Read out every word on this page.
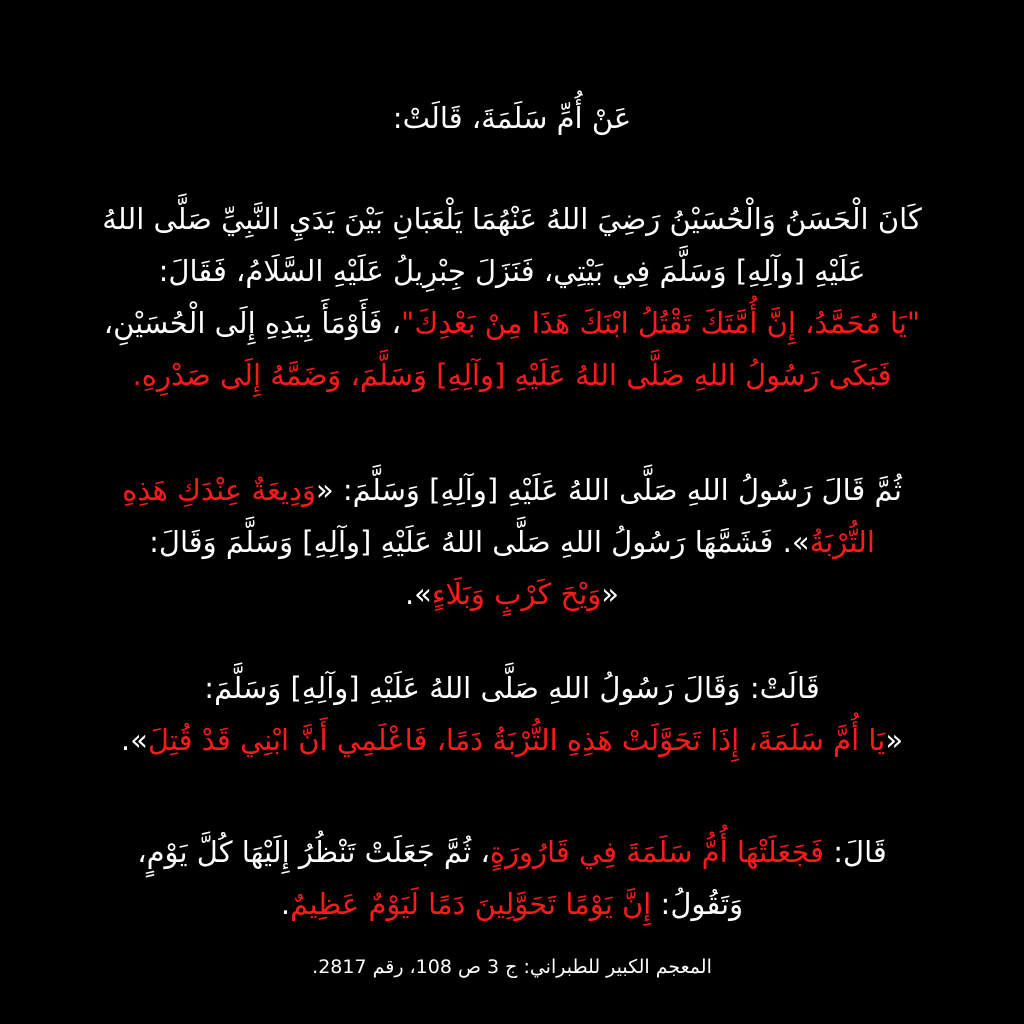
عَنْ أُمِّ سَلَمَةَ، قَالَتْ:
كَانَ الْحَسَنُ وَالْحُسَيْنُ رَضِيَ اللهُ عَنْهُمَا يَلْعَبَانِ بَيْنَ يَدَيِ النَّبِيِّ صَلَّى اللهُ
عَلَيْهِ [وآلِهِ] وَسَلَّمَ فِي بَيْتِي، فَنَزَلَ جِبْرِيلُ عَلَيْهِ السَّلَامُ، فَقَالَ:
"يَا مُحَمَّدُ، إِنَّ أُمَّتَكَ تَقْتُلُ ابْنَكَ هَذَا مِنْ بَعْدِكَ"، فَأَوْمَأَ بِيَدِهِ إِلَى الْحُسَيْنِ،
فَبَكَى رَسُولُ اللهِ صَلَّى اللهُ عَلَيْهِ [وآلِهِ] وَسَلَّمَ، وَضَمَّهُ إِلَى صَدْرِهِ.
ثُمَّ قَالَ رَسُولُ اللهِ صَلَّى اللهُ عَلَيْهِ [وآلِهِ] وَسَلَّمَ: «وَدِيعَةٌ عِنْدَكِ هَذِهِ
التُّرْبَةُ». فَشَمَّهَا رَسُولُ اللهِ صَلَّى اللهُ عَلَيْهِ [وآلِهِ] وَسَلَّمَ وَقَالَ:
«وَيْحَ كَرْبٍ وَبَلَاءٍ».
قَالَتْ: وَقَالَ رَسُولُ اللهِ صَلَّى اللهُ عَلَيْهِ [وآلِهِ] وَسَلَّمَ:
«يَا أُمَّ سَلَمَةَ، إِذَا تَحَوَّلَتْ هَذِهِ التُّرْبَةُ دَمًا، فَاعْلَمِي أَنَّ ابْنِي قَدْ قُتِلَ».
قَالَ: فَجَعَلَتْهَا أُمُّ سَلَمَةَ فِي قَارُورَةٍ، ثُمَّ جَعَلَتْ تَنْظُرُ إِلَيْهَا كُلَّ يَوْمٍ،
وَتَقُولُ: إِنَّ يَوْمًا تَحَوَّلِينَ دَمًا لَيَوْمٌ عَظِيمٌ.
المعجم الكبير للطبراني: ج 3 ص 108، رقم 2817.
